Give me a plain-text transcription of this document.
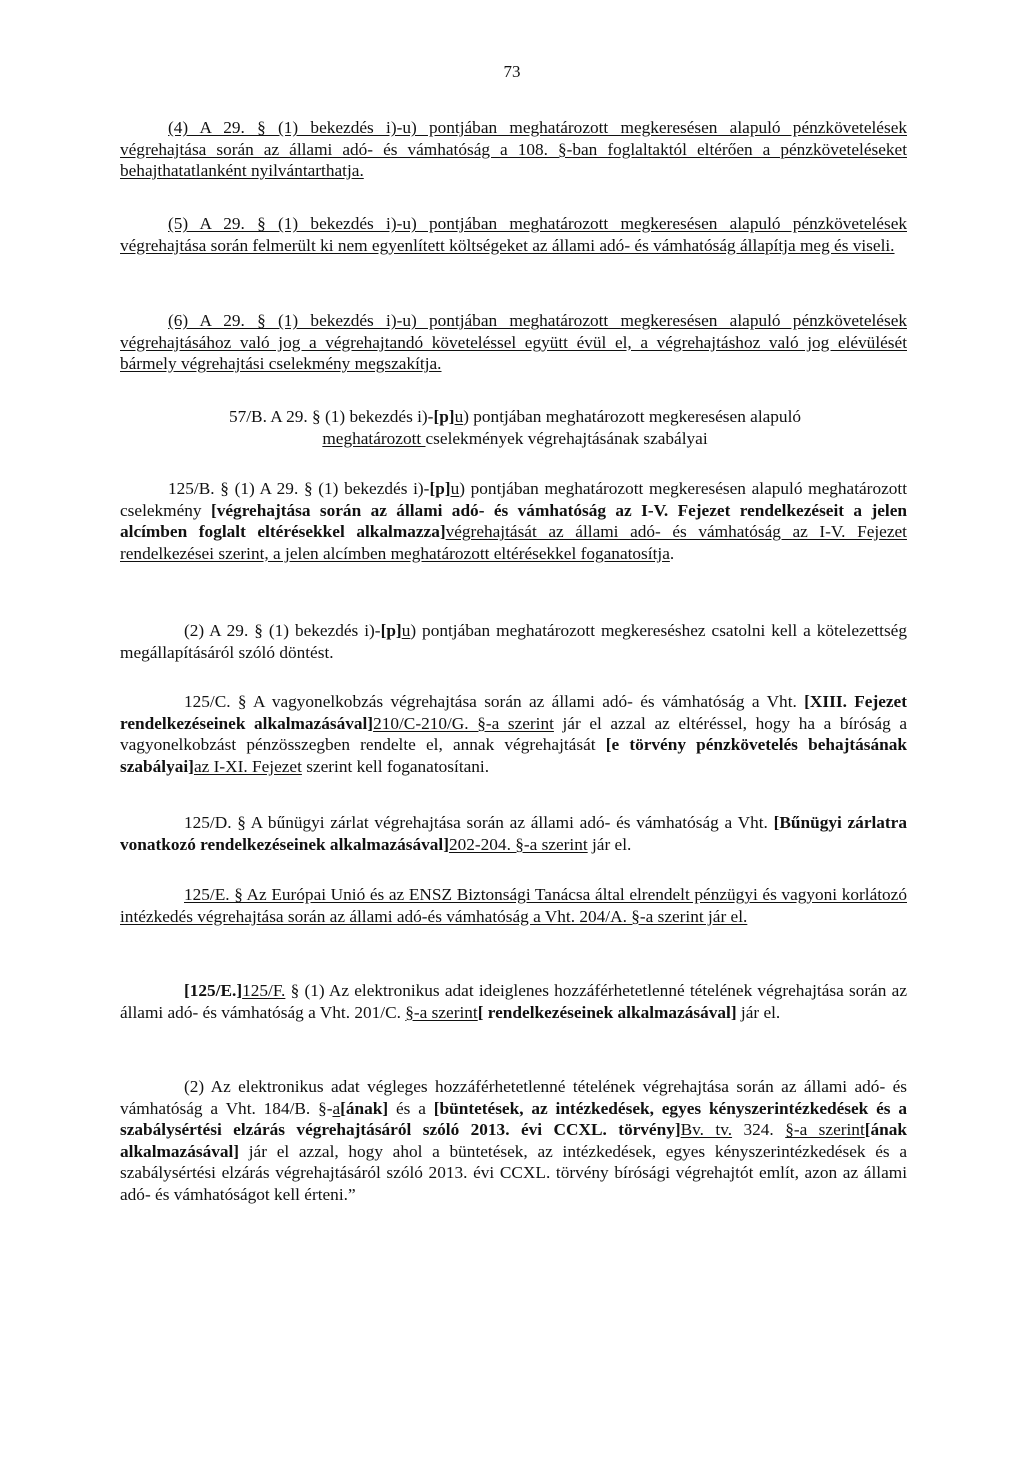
73

(4) A 29. § (1) bekezdés i)-u) pontjában meghatározott megkeresésen alapuló pénzkövetelések végrehajtása során az állami adó- és vámhatóság a 108. §-ban foglaltaktól eltérően a pénzköveteléseket behajthatatlanként nyilvántarthatja.

(5) A 29. § (1) bekezdés i)-u) pontjában meghatározott megkeresésen alapuló pénzkövetelések végrehajtása során felmerült ki nem egyenlített költségeket az állami adó- és vámhatóság állapítja meg és viseli.

(6) A 29. § (1) bekezdés i)-u) pontjában meghatározott megkeresésen alapuló pénzkövetelések végrehajtásához való jog a végrehajtandó követeléssel együtt évül el, a végrehajtáshoz való jog elévülését bármely végrehajtási cselekmény megszakítja.

57/B. A 29. § (1) bekezdés i)-[p]u) pontjában meghatározott megkeresésen alapuló
meghatározott cselekmények végrehajtásának szabályai

125/B. § (1) A 29. § (1) bekezdés i)-[p]u) pontjában meghatározott megkeresésen alapuló meghatározott cselekmény [végrehajtása során az állami adó- és vámhatóság az I-V. Fejezet rendelkezéseit a jelen alcímben foglalt eltérésekkel alkalmazza]végrehajtását az állami adó- és vámhatóság az I-V. Fejezet rendelkezései szerint, a jelen alcímben meghatározott eltérésekkel foganatosítja.

(2) A 29. § (1) bekezdés i)-[p]u) pontjában meghatározott megkereséshez csatolni kell a kötelezettség megállapításáról szóló döntést.

125/C. § A vagyonelkobzás végrehajtása során az állami adó- és vámhatóság a Vht. [XIII. Fejezet rendelkezéseinek alkalmazásával]210/C-210/G. §-a szerint jár el azzal az eltéréssel, hogy ha a bíróság a vagyonelkobzást pénzösszegben rendelte el, annak végrehajtását [e törvény pénzkövetelés behajtásának szabályai]az I-XI. Fejezet szerint kell foganatosítani.

125/D. § A bűnügyi zárlat végrehajtása során az állami adó- és vámhatóság a Vht. [Bűnügyi zárlatra vonatkozó rendelkezéseinek alkalmazásával]202-204. §-a szerint jár el.

125/E. § Az Európai Unió és az ENSZ Biztonsági Tanácsa által elrendelt pénzügyi és vagyoni korlátozó intézkedés végrehajtása során az állami adó-és vámhatóság a Vht. 204/A. §-a szerint jár el.

[125/E.]125/F. § (1) Az elektronikus adat ideiglenes hozzáférhetetlenné tételének végrehajtása során az állami adó- és vámhatóság a Vht. 201/C. §-a szerint[ rendelkezéseinek alkalmazásával] jár el.

(2) Az elektronikus adat végleges hozzáférhetetlenné tételének végrehajtása során az állami adó- és vámhatóság a Vht. 184/B. §-a[ának] és a [büntetések, az intézkedések, egyes kényszerintézkedések és a szabálysértési elzárás végrehajtásáról szóló 2013. évi CCXL. törvény]Bv. tv. 324. §-a szerint[ának alkalmazásával] jár el azzal, hogy ahol a büntetések, az intézkedések, egyes kényszerintézkedések és a szabálysértési elzárás végrehajtásáról szóló 2013. évi CCXL. törvény bírósági végrehajtót említ, azon az állami adó- és vámhatóságot kell érteni.”
